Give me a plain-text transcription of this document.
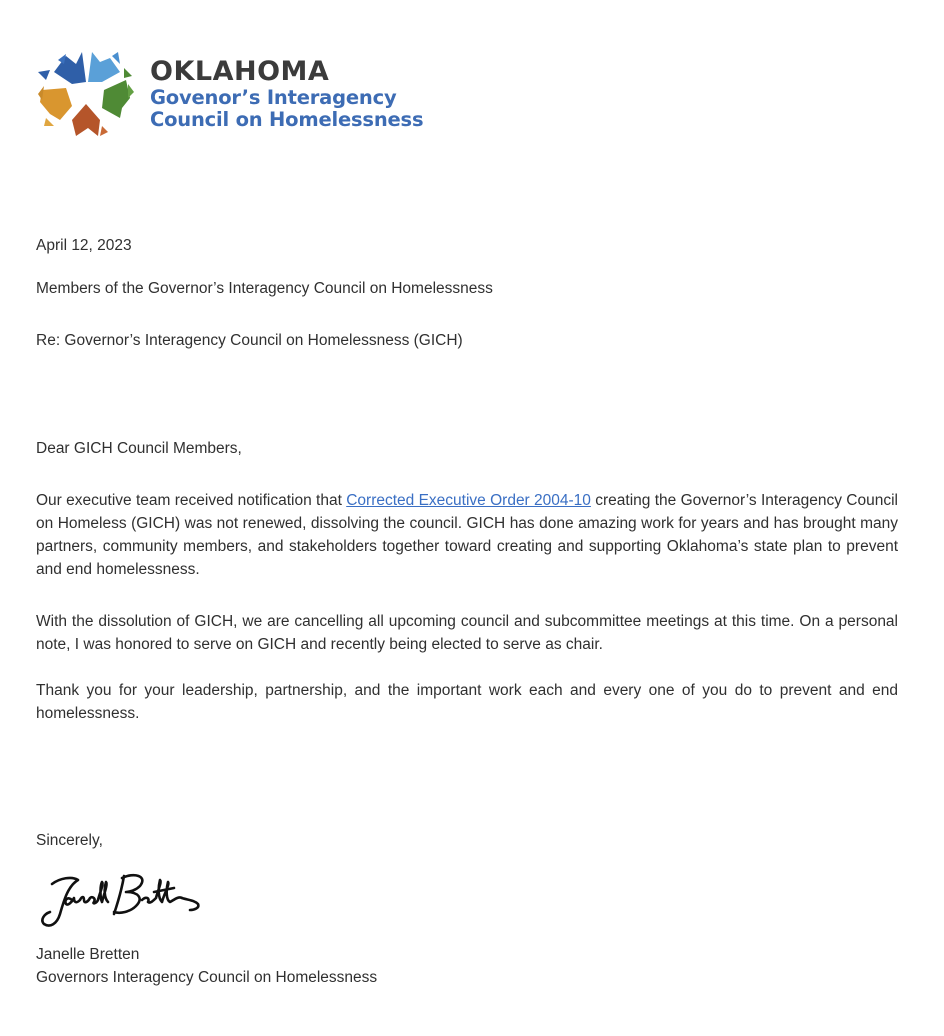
OKLAHOMA
Govenor’s Interagency
Council on Homelessness
April 12, 2023
Members of the Governor’s Interagency Council on Homelessness
Re: Governor’s Interagency Council on Homelessness (GICH)
Dear GICH Council Members,
Our executive team received notification that Corrected Executive Order 2004-10 creating the Governor’s Interagency Council on Homeless (GICH) was not renewed, dissolving the council. GICH has done amazing work for years and has brought many partners, community members, and stakeholders together toward creating and supporting Oklahoma’s state plan to prevent and end homelessness.
With the dissolution of GICH, we are cancelling all upcoming council and subcommittee meetings at this time. On a personal note, I was honored to serve on GICH and recently being elected to serve as chair.
Thank you for your leadership, partnership, and the important work each and every one of you do to prevent and end homelessness.
Sincerely,
Janelle Bretten
Governors Interagency Council on Homelessness
